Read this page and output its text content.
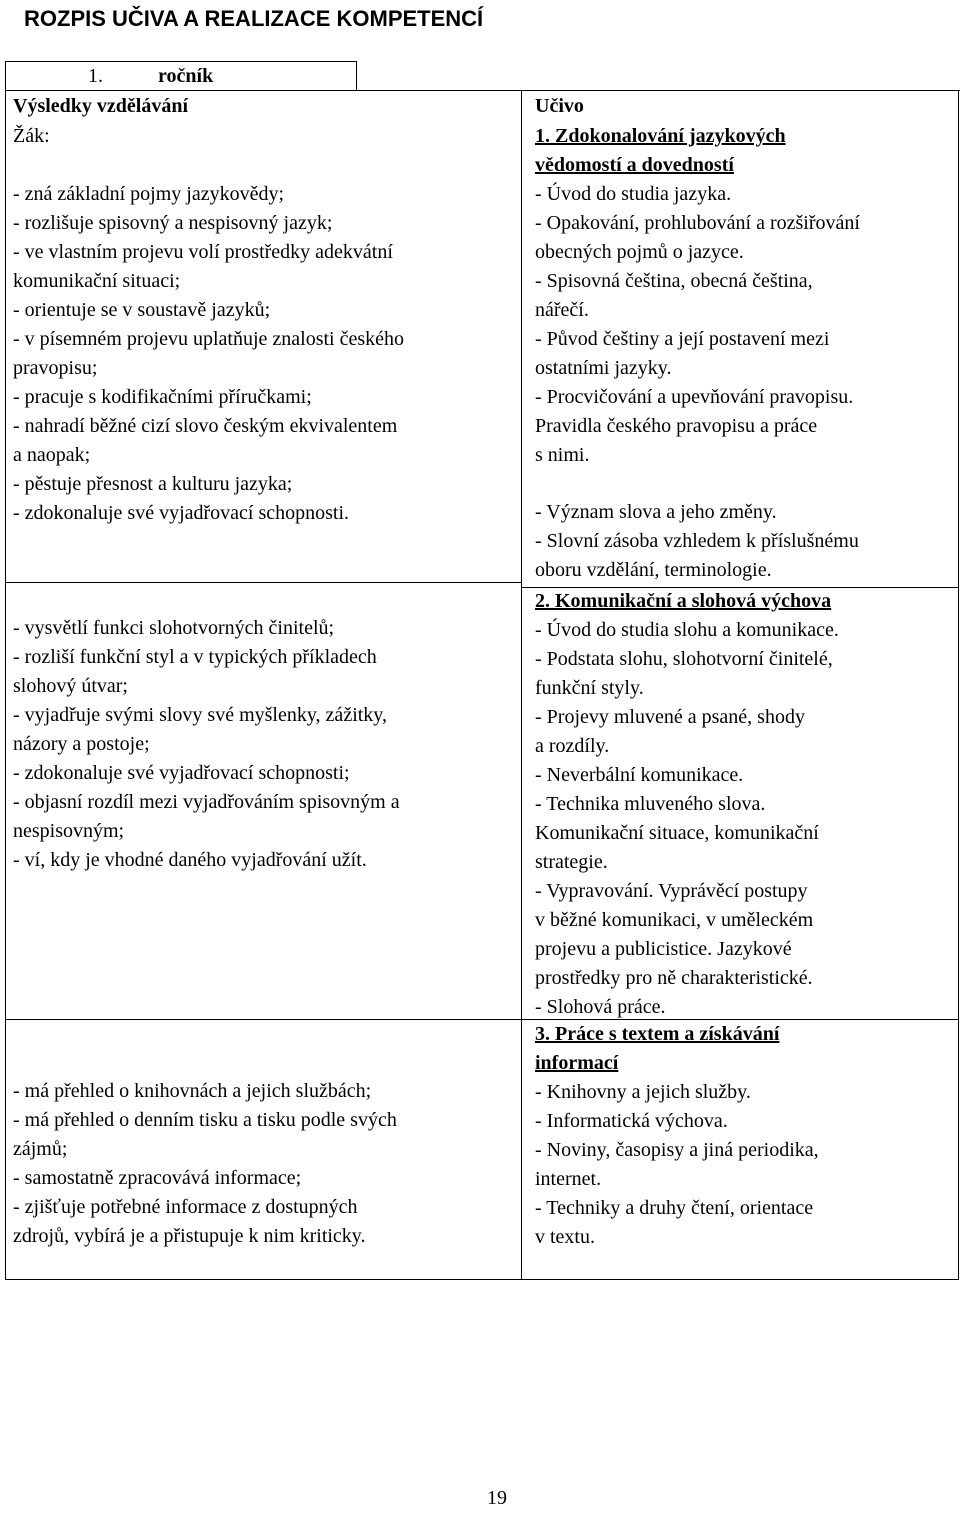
ROZPIS UČIVA A REALIZACE KOMPETENCÍ
1.	ročník
Výsledky vzdělávání	Učivo
Žák:
- zná základní pojmy jazykovědy;
- rozlišuje spisovný a nespisovný jazyk;
- ve vlastním projevu volí prostředky adekvátní
komunikační situaci;
- orientuje se v soustavě jazyků;
- v písemném projevu uplatňuje znalosti českého
pravopisu;
- pracuje s kodifikačními příručkami;
- nahradí běžné cizí slovo českým ekvivalentem
a naopak;
- pěstuje přesnost a kulturu jazyka;
- zdokonaluje své vyjadřovací schopnosti.
1. Zdokonalování jazykových
vědomostí a dovedností
- Úvod do studia jazyka.
- Opakování, prohlubování a rozšiřování
obecných pojmů o jazyce.
- Spisovná čeština, obecná čeština,
nářečí.
- Původ češtiny a její postavení mezi
ostatními jazyky.
- Procvičování a upevňování pravopisu.
Pravidla českého pravopisu a práce
s nimi.
- Význam slova a jeho změny.
- Slovní zásoba vzhledem k příslušnému
oboru vzdělání, terminologie.
- vysvětlí funkci slohotvorných činitelů;
- rozliší funkční styl a v typických příkladech
slohový útvar;
- vyjadřuje svými slovy své myšlenky, zážitky,
názory a postoje;
- zdokonaluje své vyjadřovací schopnosti;
- objasní rozdíl mezi vyjadřováním spisovným a
nespisovným;
- ví, kdy je vhodné daného vyjadřování užít.
2. Komunikační a slohová výchova
- Úvod do studia slohu a komunikace.
- Podstata slohu, slohotvorní činitelé,
funkční styly.
- Projevy mluvené a psané, shody
a rozdíly.
- Neverbální komunikace.
- Technika mluveného slova.
Komunikační situace, komunikační
strategie.
- Vypravování. Vyprávěcí postupy
v běžné komunikaci, v uměleckém
projevu a publicistice. Jazykové
prostředky pro ně charakteristické.
- Slohová práce.
- má přehled o knihovnách a jejich službách;
- má přehled o denním tisku a tisku podle svých
zájmů;
- samostatně zpracovává informace;
- zjišťuje potřebné informace z dostupných
zdrojů, vybírá je a přistupuje k nim kriticky.
3. Práce s textem a získávání
informací
- Knihovny a jejich služby.
- Informatická výchova.
- Noviny, časopisy a jiná periodika,
internet.
- Techniky a druhy čtení, orientace
v textu.
19
